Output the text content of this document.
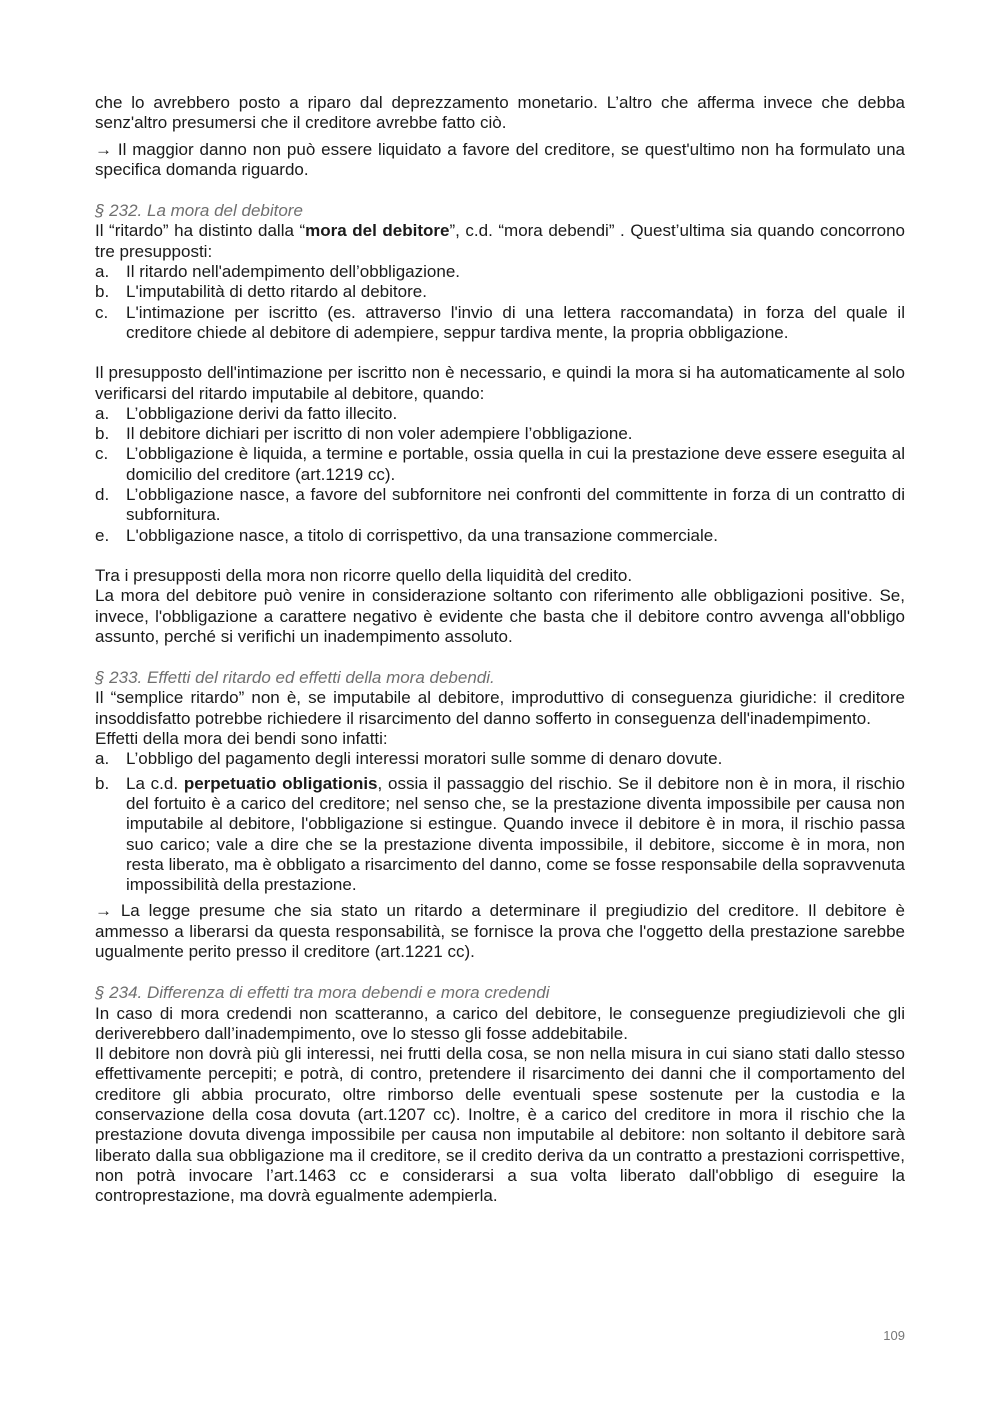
che lo avrebbero posto a riparo dal deprezzamento monetario. L’altro che afferma invece che debba senz'altro presumersi che il creditore avrebbe fatto ciò.

→ Il maggior danno non può essere liquidato a favore del creditore, se quest'ultimo non ha formulato una specifica domanda riguardo.

§ 232. La mora del debitore

Il “ritardo” ha distinto dalla “mora del debitore”, c.d. “mora debendi” . Quest’ultima sia quando concorrono tre presupposti:

a. Il ritardo nell'adempimento dell’obbligazione.
b. L'imputabilità di detto ritardo al debitore.
c. L'intimazione per iscritto (es. attraverso l'invio di una lettera raccomandata) in forza del quale il creditore chiede al debitore di adempiere, seppur tardiva mente, la propria obbligazione.

Il presupposto dell'intimazione per iscritto non è necessario, e quindi la mora si ha automaticamente al solo verificarsi del ritardo imputabile al debitore, quando:

a. L’obbligazione derivi da fatto illecito.
b. Il debitore dichiari per iscritto di non voler adempiere l’obbligazione.
c. L’obbligazione è liquida, a termine e portable, ossia quella in cui la prestazione deve essere eseguita al domicilio del creditore (art.1219 cc).
d. L’obbligazione nasce, a favore del subfornitore nei confronti del committente in forza di un contratto di subfornitura.
e. L'obbligazione nasce, a titolo di corrispettivo, da una transazione commerciale.

Tra i presupposti della mora non ricorre quello della liquidità del credito.

La mora del debitore può venire in considerazione soltanto con riferimento alle obbligazioni positive. Se, invece, l'obbligazione a carattere negativo è evidente che basta che il debitore contro avvenga all'obbligo assunto, perché si verifichi un inadempimento assoluto.

§ 233. Effetti del ritardo ed effetti della mora debendi.

Il “semplice ritardo” non è, se imputabile al debitore, improduttivo di conseguenza giuridiche: il creditore insoddisfatto potrebbe richiedere il risarcimento del danno sofferto in conseguenza dell'inadempimento.

Effetti della mora dei bendi sono infatti:

a. L’obbligo del pagamento degli interessi moratori sulle somme di denaro dovute.
b. La c.d. perpetuatio obligationis, ossia il passaggio del rischio. Se il debitore non è in mora, il rischio del fortuito è a carico del creditore; nel senso che, se la prestazione diventa impossibile per causa non imputabile al debitore, l'obbligazione si estingue. Quando invece il debitore è in mora, il rischio passa suo carico; vale a dire che se la prestazione diventa impossibile, il debitore, siccome è in mora, non resta liberato, ma è obbligato a risarcimento del danno, come se fosse responsabile della sopravvenuta impossibilità della prestazione.

→ La legge presume che sia stato un ritardo a determinare il pregiudizio del creditore. Il debitore è ammesso a liberarsi da questa responsabilità, se fornisce la prova che l'oggetto della prestazione sarebbe ugualmente perito presso il creditore (art.1221 cc).

§ 234. Differenza di effetti tra mora debendi e mora credendi

In caso di mora credendi non scatteranno, a carico del debitore, le conseguenze pregiudizievoli che gli deriverebbero dall’inadempimento, ove lo stesso gli fosse addebitabile.

Il debitore non dovrà più gli interessi, nei frutti della cosa, se non nella misura in cui siano stati dallo stesso effettivamente percepiti; e potrà, di contro, pretendere il risarcimento dei danni che il comportamento del creditore gli abbia procurato, oltre rimborso delle eventuali spese sostenute per la custodia e la conservazione della cosa dovuta (art.1207 cc). Inoltre, è a carico del creditore in mora il rischio che la prestazione dovuta divenga impossibile per causa non imputabile al debitore: non soltanto il debitore sarà liberato dalla sua obbligazione ma il creditore, se il credito deriva da un contratto a prestazioni corrispettive, non potrà invocare l’art.1463 cc e considerarsi a sua volta liberato dall'obbligo di eseguire la controprestazione, ma dovrà egualmente adempierla.

109
